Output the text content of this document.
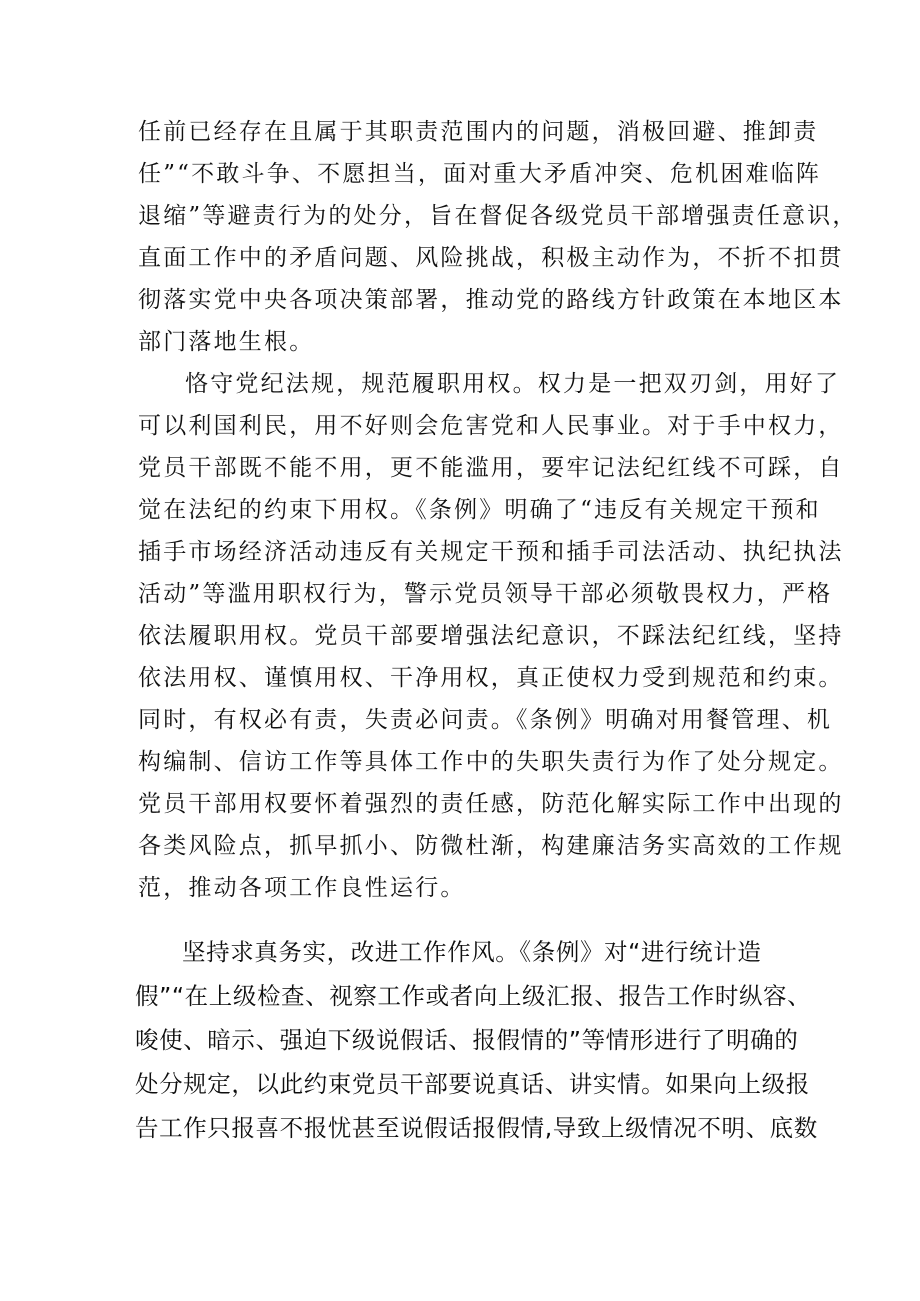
任前已经存在且属于其职责范围内的问题，消极回避、推卸责
任”“不敢斗争、不愿担当，面对重大矛盾冲突、危机困难临阵
退缩”等避责行为的处分，旨在督促各级党员干部增强责任意识，
直面工作中的矛盾问题、风险挑战，积极主动作为，不折不扣贯
彻落实党中央各项决策部署，推动党的路线方针政策在本地区本
部门落地生根。
恪守党纪法规，规范履职用权。权力是一把双刃剑，用好了
可以利国利民，用不好则会危害党和人民事业。对于手中权力，
党员干部既不能不用，更不能滥用，要牢记法纪红线不可踩，自
觉在法纪的约束下用权。《条例》明确了“违反有关规定干预和
插手市场经济活动违反有关规定干预和插手司法活动、执纪执法
活动”等滥用职权行为，警示党员领导干部必须敬畏权力，严格
依法履职用权。党员干部要增强法纪意识，不踩法纪红线，坚持
依法用权、谨慎用权、干净用权，真正使权力受到规范和约束。
同时，有权必有责，失责必问责。《条例》明确对用餐管理、机
构编制、信访工作等具体工作中的失职失责行为作了处分规定。
党员干部用权要怀着强烈的责任感，防范化解实际工作中出现的
各类风险点，抓早抓小、防微杜渐，构建廉洁务实高效的工作规
范，推动各项工作良性运行。
坚持求真务实，改进工作作风。《条例》对“进行统计造
假”“在上级检查、视察工作或者向上级汇报、报告工作时纵容、
唆使、暗示、强迫下级说假话、报假情的”等情形进行了明确的
处分规定，以此约束党员干部要说真话、讲实情。如果向上级报
告工作只报喜不报忧甚至说假话报假情,导致上级情况不明、底数
